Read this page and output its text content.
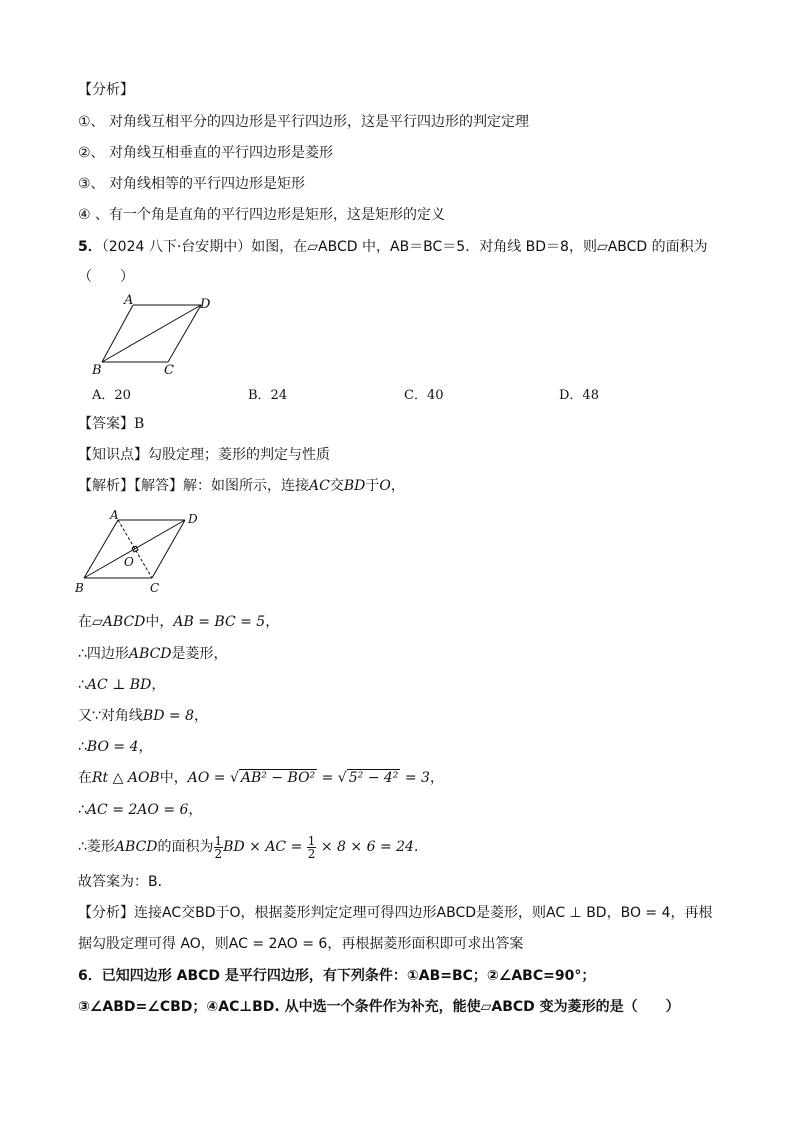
【分析】
①、 对角线互相平分的四边形是平行四边形，这是平行四边形的判定定理
②、 对角线互相垂直的平行四边形是菱形
③、 对角线相等的平行四边形是矩形
④ 、有一个角是直角的平行四边形是矩形，这是矩形的定义
5．（2024 八下·台安期中）如图，在▱ABCD 中，AB＝BC＝5．对角线 BD＝8，则▱ABCD 的面积为
（　　）
A	D
B	C
A．20	B．24	C．40	D．48
【答案】B
【知识点】勾股定理；菱形的判定与性质
【解析】【解答】解：如图所示，连接AC交BD于O，
A	D
B	C
O
在▱ABCD中，AB = BC = 5，
∴四边形ABCD是菱形，
∴AC ⊥ BD，
又∵对角线BD = 8，
∴BO = 4，
在Rt △ AOB中，AO = √ AB² − BO² = √ 5² − 4² = 3，
∴AC = 2AO = 6，
∴菱形ABCD的面积为 $\frac{1}{2}$ BD × AC = $\frac{1}{2} \times 8 \times 6 = 24$．
故答案为：B．
【分析】连接AC交BD于O，根据菱形判定定理可得四边形ABCD是菱形，则AC ⊥ BD，BO = 4，再根
据勾股定理可得 AO，则AC = 2AO = 6，再根据菱形面积即可求出答案
6．已知四边形 ABCD 是平行四边形，有下列条件：①AB=BC；②∠ABC=90°；
③∠ABD=∠CBD；④AC⊥BD. 从中选一个条件作为补充，能使▱ABCD 变为菱形的是（　　）
